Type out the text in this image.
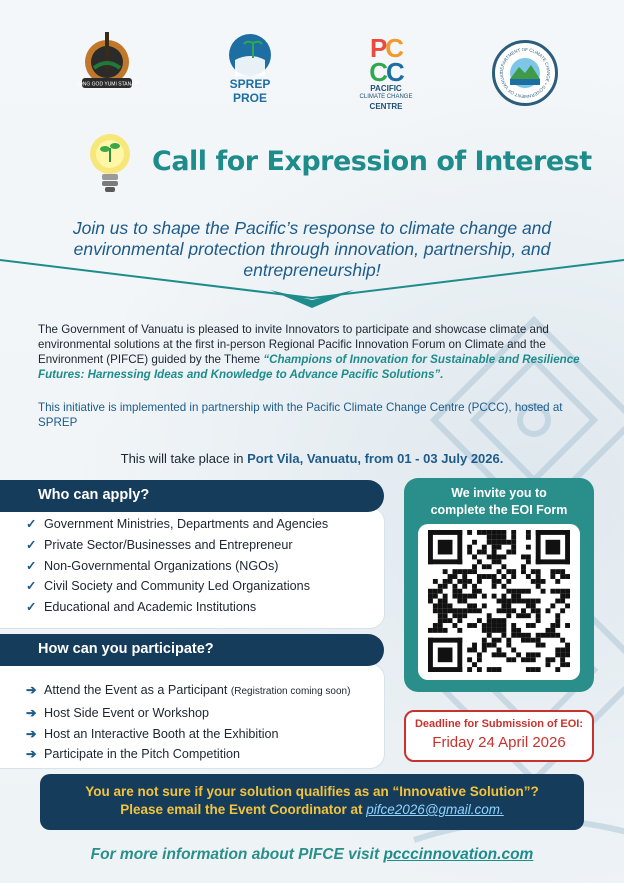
LONG GOD YUMI STANAP	SPREP
PROE
PC
CC
PACIFIC
CLIMATE CHANGE
CENTRE
DEPARTMENT OF CLIMATE CHANGE • GOVERNMENT OF VANUAT
Call for Expression of Interest
Join us to shape the Pacific’s response to climate change and environmental protection through innovation, partnership, and entrepreneurship!

The Government of Vanuatu is pleased to invite Innovators to participate and showcase climate and environmental solutions at the first in-person Regional Pacific Innovation Forum on Climate and the Environment (PIFCE) guided by the Theme “Champions of Innovation for Sustainable and Resilience Futures: Harnessing Ideas and Knowledge to Advance Pacific Solutions”.

This initiative is implemented in partnership with the Pacific Climate Change Centre (PCCC), hosted at SPREP

This will take place in Port Vila, Vanuatu, from 01 - 03 July 2026.

Who can apply?
✓ Government Ministries, Departments and Agencies
✓ Private Sector/Businesses and Entrepreneur
✓ Non-Governmental Organizations (NGOs)
✓ Civil Society and Community Led Organizations
✓ Educational and Academic Institutions
How can you participate?
➔ Attend the Event as a Participant (Registration coming soon)
➔ Host Side Event or Workshop
➔ Host an Interactive Booth at the Exhibition
➔ Participate in the Pitch Competition
We invite you to
complete the EOI Form
Deadline for Submission of EOI:
Friday 24 April 2026
You are not sure if your solution qualifies as an “Innovative Solution”?
Please email the Event Coordinator at pifce2026@gmail.com.
For more information about PIFCE visit pcccinnovation.com
